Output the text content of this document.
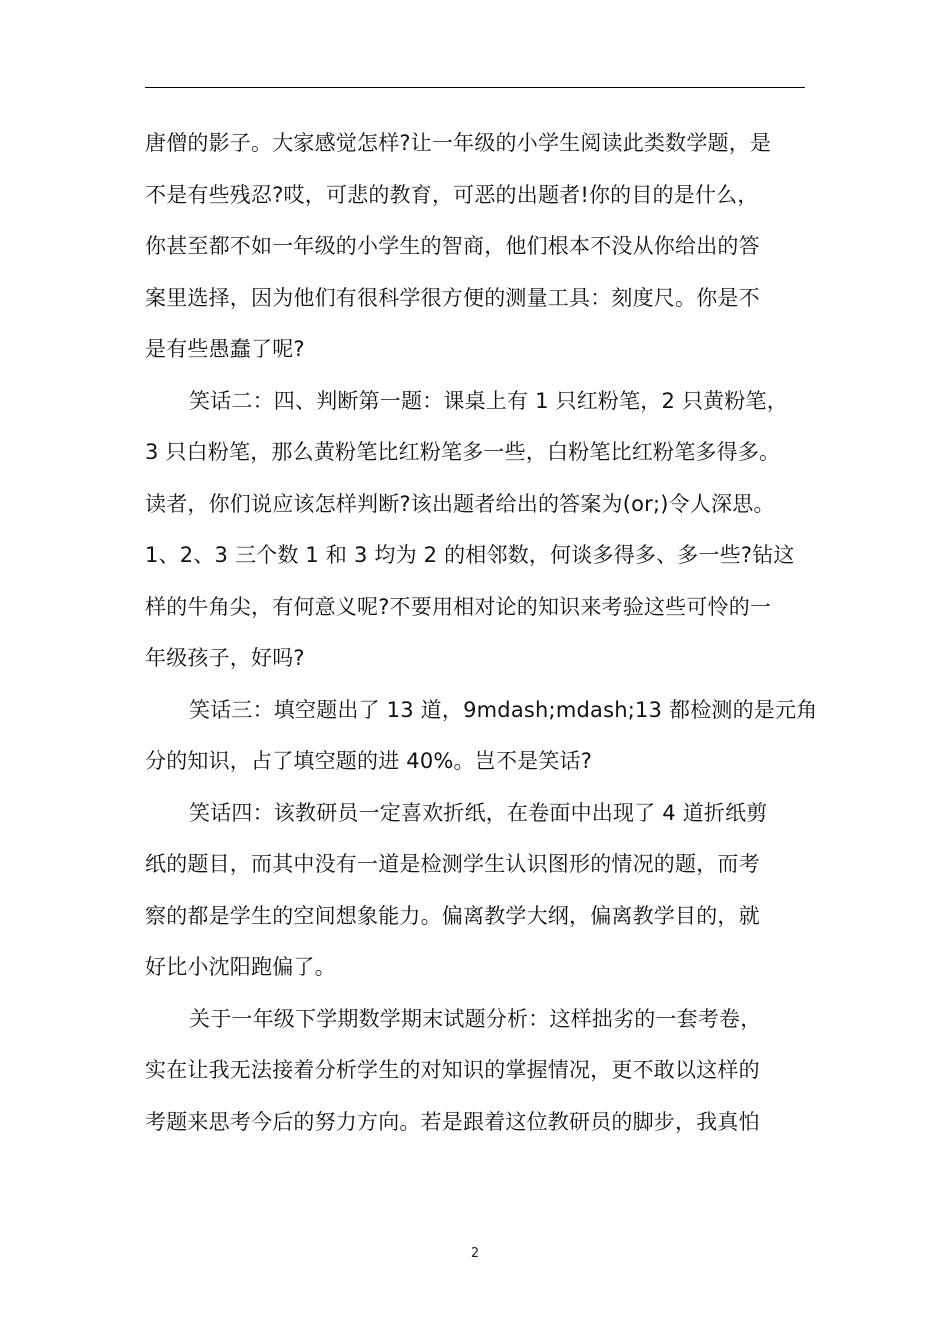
唐僧的影子。大家感觉怎样?让一年级的小学生阅读此类数学题，是
不是有些残忍?哎，可悲的教育，可恶的出题者!你的目的是什么，
你甚至都不如一年级的小学生的智商，他们根本不没从你给出的答
案里选择，因为他们有很科学很方便的测量工具：刻度尺。你是不
是有些愚蠢了呢?

笑话二：四、判断第一题：课桌上有 1 只红粉笔，2 只黄粉笔，
3 只白粉笔，那么黄粉笔比红粉笔多一些，白粉笔比红粉笔多得多。
读者，你们说应该怎样判断?该出题者给出的答案为(or;)令人深思。
1、2、3 三个数 1 和 3 均为 2 的相邻数，何谈多得多、多一些?钻这
样的牛角尖，有何意义呢?不要用相对论的知识来考验这些可怜的一
年级孩子，好吗?

笑话三：填空题出了 13 道，9mdash;mdash;13 都检测的是元角
分的知识，占了填空题的进 40%。岂不是笑话?

笑话四：该教研员一定喜欢折纸，在卷面中出现了 4 道折纸剪
纸的题目，而其中没有一道是检测学生认识图形的情况的题，而考
察的都是学生的空间想象能力。偏离教学大纲，偏离教学目的，就
好比小沈阳跑偏了。

关于一年级下学期数学期末试题分析：这样拙劣的一套考卷，
实在让我无法接着分析学生的对知识的掌握情况，更不敢以这样的
考题来思考今后的努力方向。若是跟着这位教研员的脚步，我真怕

2
